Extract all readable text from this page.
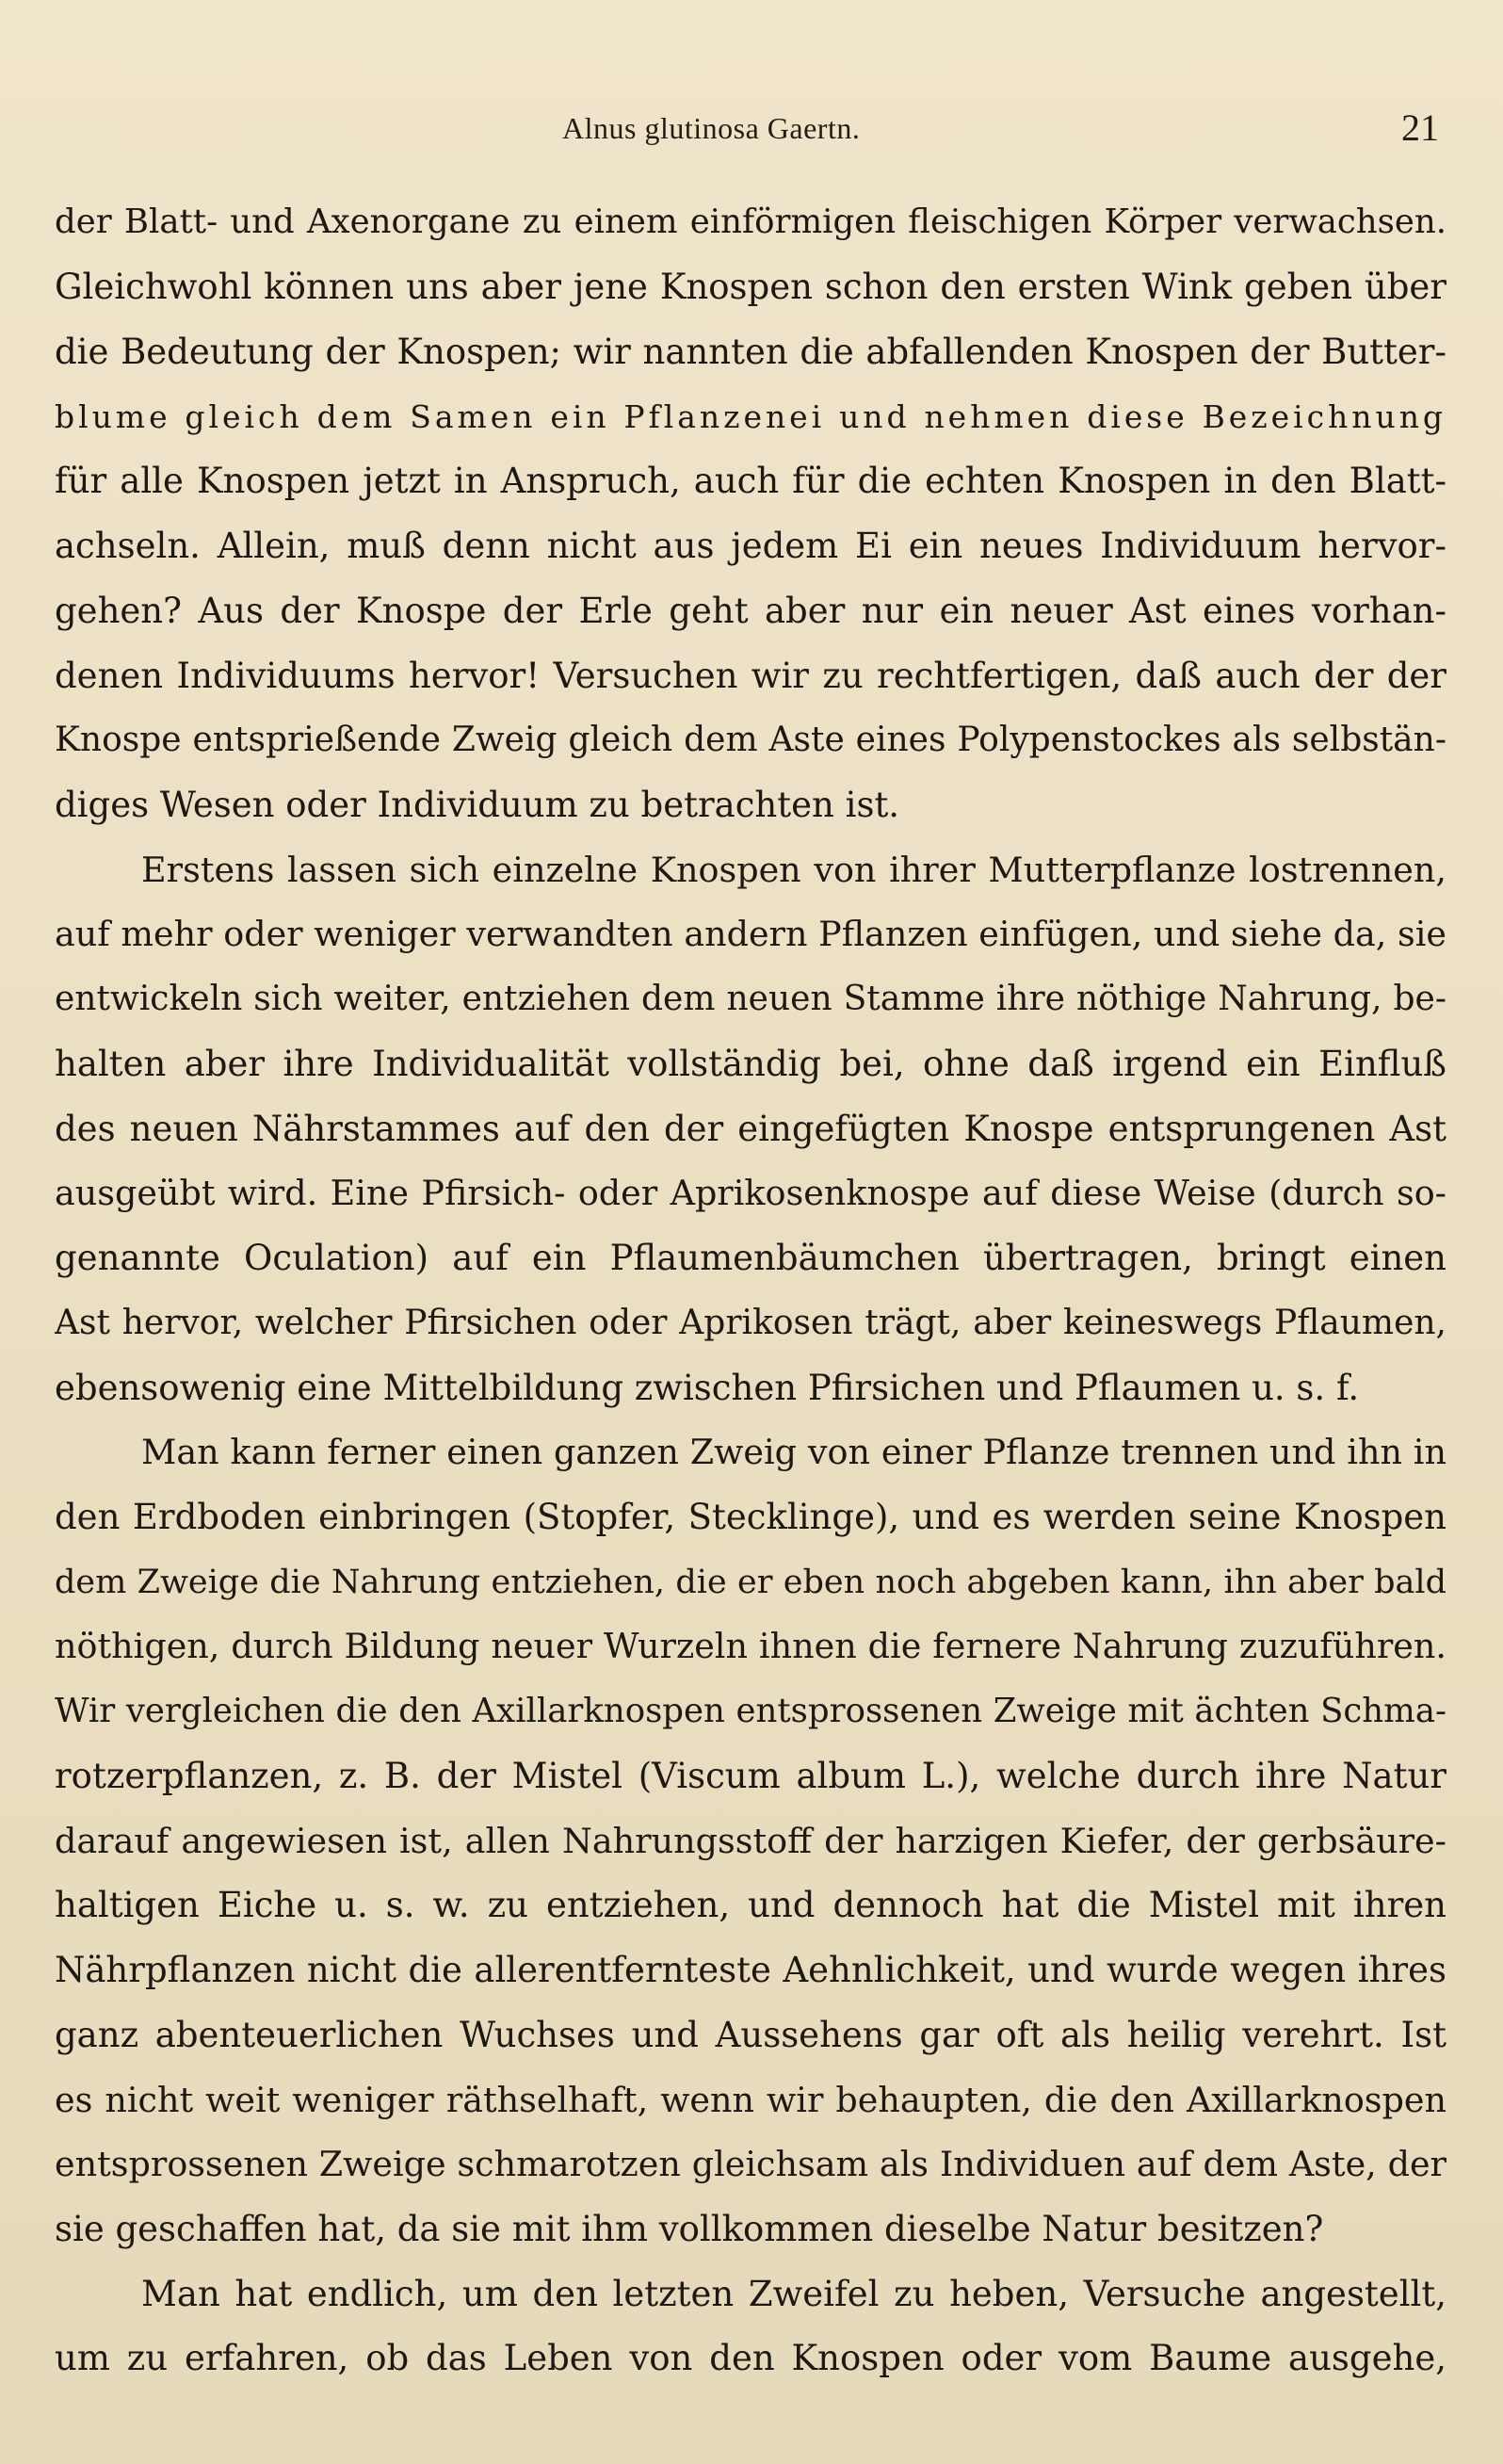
Alnus glutinosa Gaertn.	21
der Blatt- und Axenorgane zu einem einförmigen fleischigen Körper verwachsen.
Gleichwohl können uns aber jene Knospen schon den ersten Wink geben über
die Bedeutung der Knospen; wir nannten die abfallenden Knospen der Butter-
blume gleich dem Samen ein Pflanzenei und nehmen diese Bezeichnung
für alle Knospen jetzt in Anspruch, auch für die echten Knospen in den Blatt-
achseln. Allein, muß denn nicht aus jedem Ei ein neues Individuum hervor-
gehen? Aus der Knospe der Erle geht aber nur ein neuer Ast eines vorhan-
denen Individuums hervor! Versuchen wir zu rechtfertigen, daß auch der der
Knospe entsprießende Zweig gleich dem Aste eines Polypenstockes als selbstän-
diges Wesen oder Individuum zu betrachten ist.
Erstens lassen sich einzelne Knospen von ihrer Mutterpflanze lostrennen,
auf mehr oder weniger verwandten andern Pflanzen einfügen, und siehe da, sie
entwickeln sich weiter, entziehen dem neuen Stamme ihre nöthige Nahrung, be-
halten aber ihre Individualität vollständig bei, ohne daß irgend ein Einfluß
des neuen Nährstammes auf den der eingefügten Knospe entsprungenen Ast
ausgeübt wird. Eine Pfirsich- oder Aprikosenknospe auf diese Weise (durch so-
genannte Oculation) auf ein Pflaumenbäumchen übertragen, bringt einen
Ast hervor, welcher Pfirsichen oder Aprikosen trägt, aber keineswegs Pflaumen,
ebensowenig eine Mittelbildung zwischen Pfirsichen und Pflaumen u. s. f.
Man kann ferner einen ganzen Zweig von einer Pflanze trennen und ihn in
den Erdboden einbringen (Stopfer, Stecklinge), und es werden seine Knospen
dem Zweige die Nahrung entziehen, die er eben noch abgeben kann, ihn aber bald
nöthigen, durch Bildung neuer Wurzeln ihnen die fernere Nahrung zuzuführen.
Wir vergleichen die den Axillarknospen entsprossenen Zweige mit ächten Schma-
rotzerpflanzen, z. B. der Mistel (Viscum album L.), welche durch ihre Natur
darauf angewiesen ist, allen Nahrungsstoff der harzigen Kiefer, der gerbsäure-
haltigen Eiche u. s. w. zu entziehen, und dennoch hat die Mistel mit ihren
Nährpflanzen nicht die allerentfernteste Aehnlichkeit, und wurde wegen ihres
ganz abenteuerlichen Wuchses und Aussehens gar oft als heilig verehrt. Ist
es nicht weit weniger räthselhaft, wenn wir behaupten, die den Axillarknospen
entsprossenen Zweige schmarotzen gleichsam als Individuen auf dem Aste, der
sie geschaffen hat, da sie mit ihm vollkommen dieselbe Natur besitzen?
Man hat endlich, um den letzten Zweifel zu heben, Versuche angestellt,
um zu erfahren, ob das Leben von den Knospen oder vom Baume ausgehe,
